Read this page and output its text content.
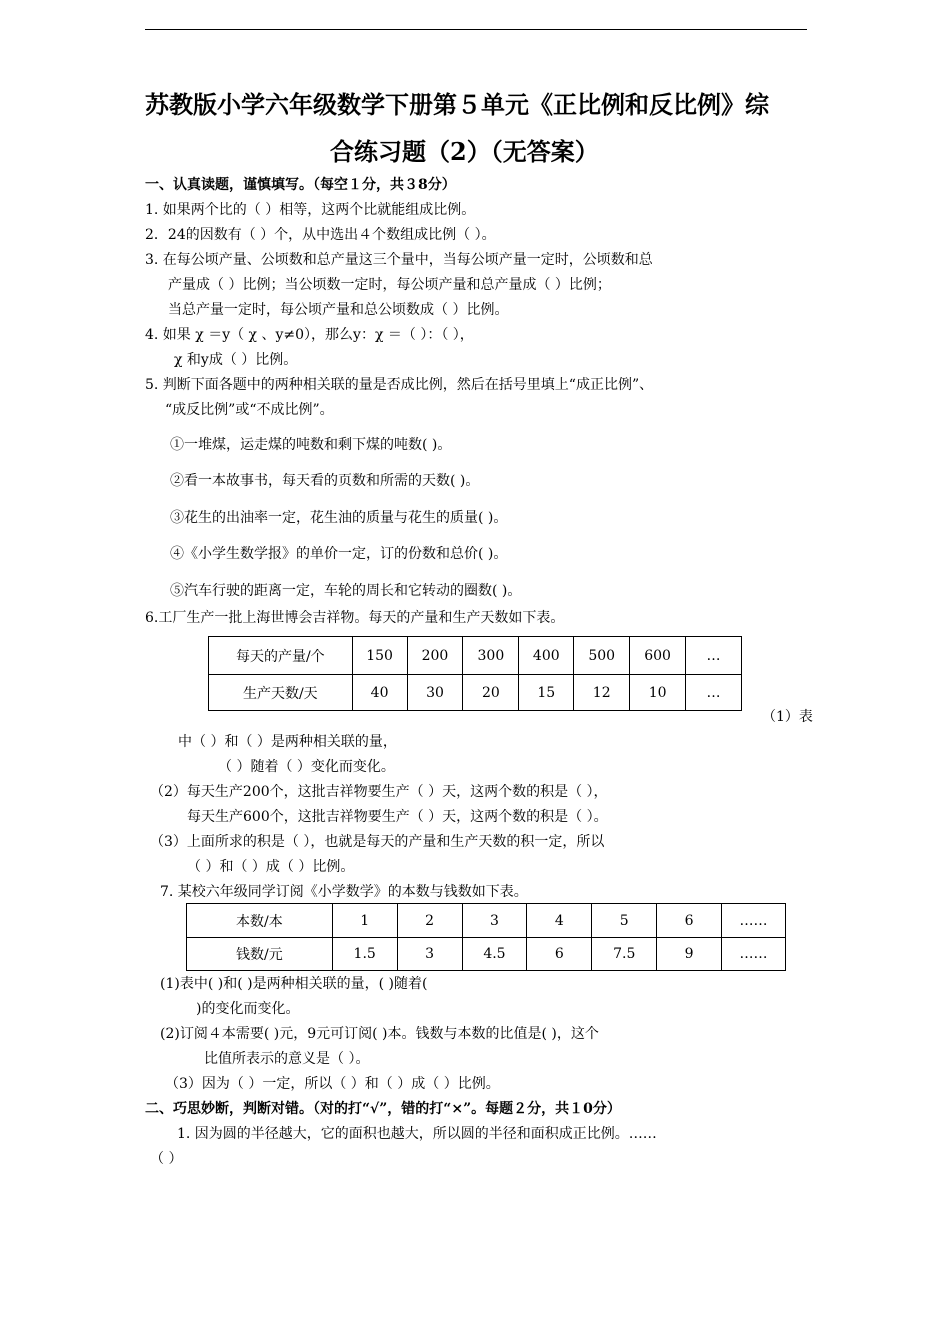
苏教版小学六年级数学下册第５单元《正比例和反比例》综
合练习题（2）（无答案）
一、认真读题，谨慎填写。（每空１分，共３8分）
1. 如果两个比的（ ）相等，这两个比就能组成比例。
2．24的因数有（ ）个，从中选出４个数组成比例（ ）。
3. 在每公顷产量、公顷数和总产量这三个量中，当每公顷产量一定时，公顷数和总
产量成（ ）比例；当公顷数一定时，每公顷产量和总产量成（ ）比例；
当总产量一定时，每公顷产量和总公顷数成（ ）比例。
4. 如果 χ ＝y（ χ 、y≠0），那么y：χ ＝（ ）：（ ），
χ 和y成（ ）比例。
5. 判断下面各题中的两种相关联的量是否成比例，然后在括号里填上“成正比例”、
“成反比例”或“不成比例”。
①一堆煤，运走煤的吨数和剩下煤的吨数( )。
②看一本故事书，每天看的页数和所需的天数( )。
③花生的出油率一定，花生油的质量与花生的质量( )。
④《小学生数学报》的单价一定，订的份数和总价( )。
⑤汽车行驶的距离一定，车轮的周长和它转动的圈数( )。
6.工厂生产一批上海世博会吉祥物。每天的产量和生产天数如下表。
每天的产量/个	150	200	300	400	500	600	…
生产天数/天	40	30	20	15	12	10	…
（1）表
中（ ）和（ ）是两种相关联的量，
（ ）随着（ ）变化而变化。
（2）每天生产200个，这批吉祥物要生产（ ）天，这两个数的积是（ ），
每天生产600个，这批吉祥物要生产（ ）天，这两个数的积是（ ）。
（3）上面所求的积是（ ），也就是每天的产量和生产天数的积一定，所以
（ ）和（ ）成（ ）比例。
7. 某校六年级同学订阅《小学数学》的本数与钱数如下表。
本数/本	1	2	3	4	5	6	……
钱数/元	1.5	3	4.5	6	7.5	9	……
(1)表中( )和( )是两种相关联的量，( )随着(
)的变化而变化。
(2)订阅４本需要( )元，9元可订阅( )本。钱数与本数的比值是( )，这个
比值所表示的意义是（ ）。
（3）因为（ ）一定，所以（ ）和（ ）成（ ）比例。
二、巧思妙断，判断对错。（对的打“√”，错的打“×”。每题２分，共１0分）
1. 因为圆的半径越大，它的面积也越大，所以圆的半径和面积成正比例。……
（ ）
